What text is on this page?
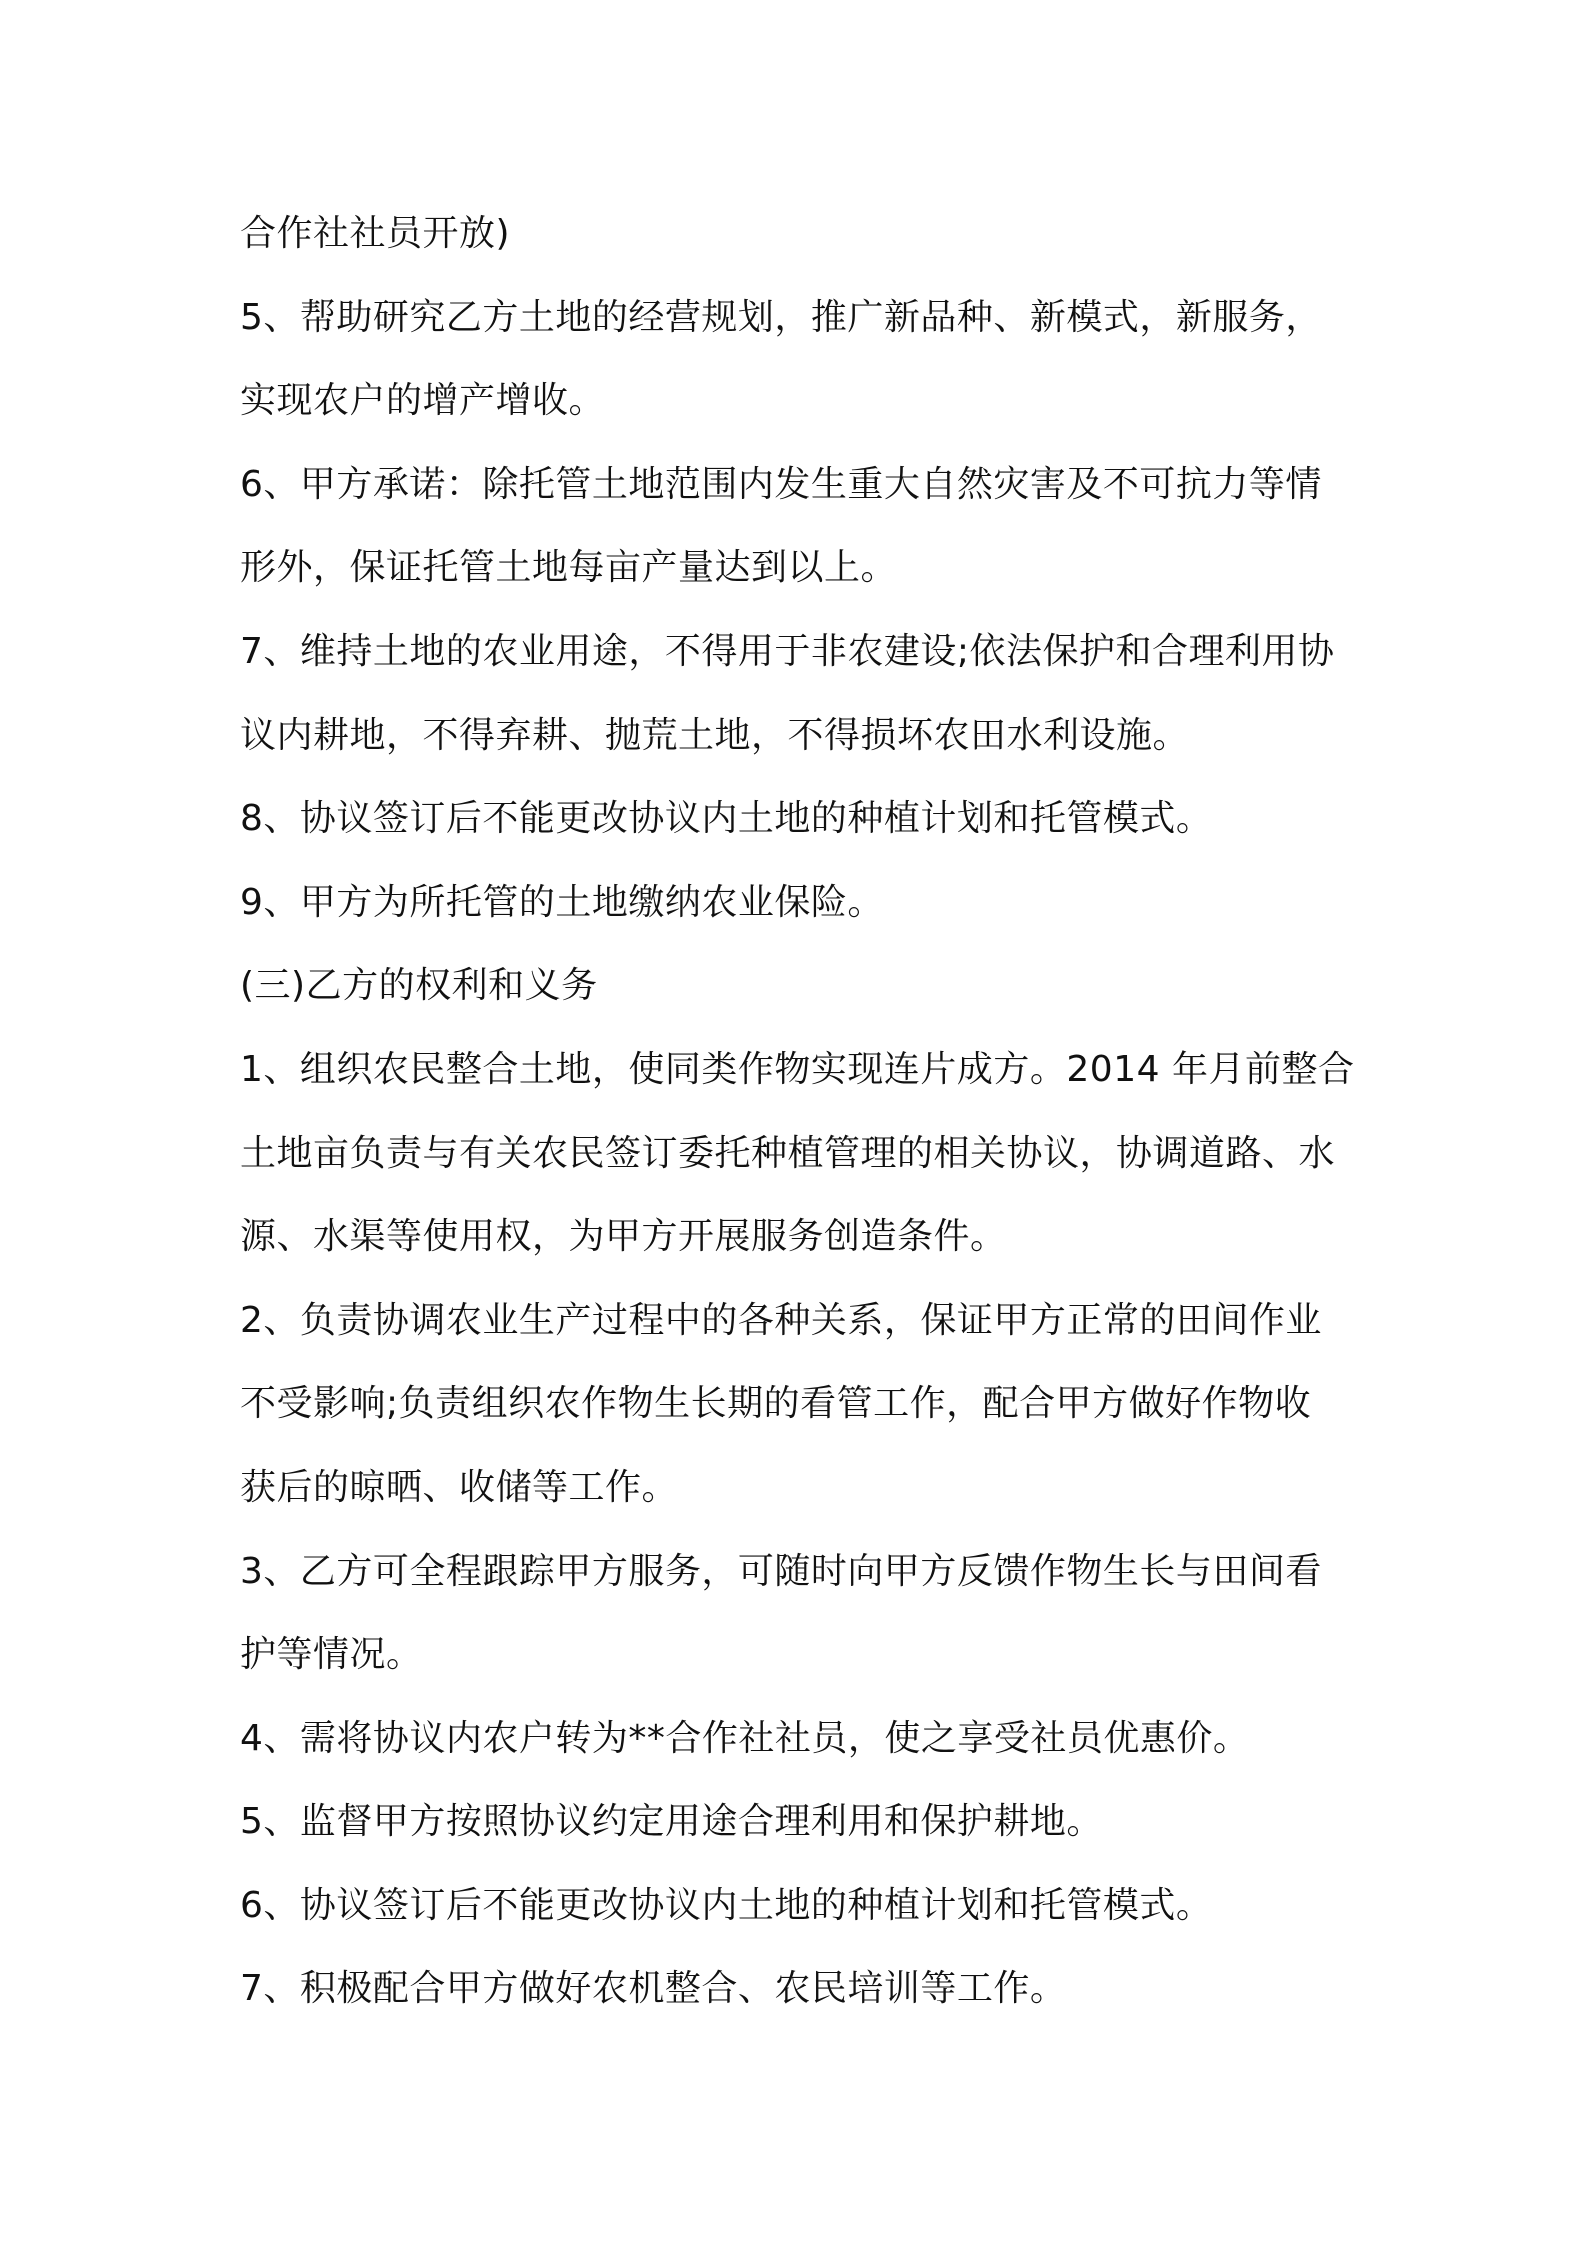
合作社社员开放)

5、帮助研究乙方土地的经营规划，推广新品种、新模式，新服务，

实现农户的增产增收。

6、甲方承诺：除托管土地范围内发生重大自然灾害及不可抗力等情

形外，保证托管土地每亩产量达到以上。

7、维持土地的农业用途，不得用于非农建设;依法保护和合理利用协

议内耕地，不得弃耕、抛荒土地，不得损坏农田水利设施。

8、协议签订后不能更改协议内土地的种植计划和托管模式。

9、甲方为所托管的土地缴纳农业保险。

(三)乙方的权利和义务

1、组织农民整合土地，使同类作物实现连片成方。2014 年月前整合

土地亩负责与有关农民签订委托种植管理的相关协议，协调道路、水

源、水渠等使用权，为甲方开展服务创造条件。

2、负责协调农业生产过程中的各种关系，保证甲方正常的田间作业

不受影响;负责组织农作物生长期的看管工作，配合甲方做好作物收

获后的晾晒、收储等工作。

3、乙方可全程跟踪甲方服务，可随时向甲方反馈作物生长与田间看

护等情况。

4、需将协议内农户转为**合作社社员，使之享受社员优惠价。

5、监督甲方按照协议约定用途合理利用和保护耕地。

6、协议签订后不能更改协议内土地的种植计划和托管模式。

7、积极配合甲方做好农机整合、农民培训等工作。
